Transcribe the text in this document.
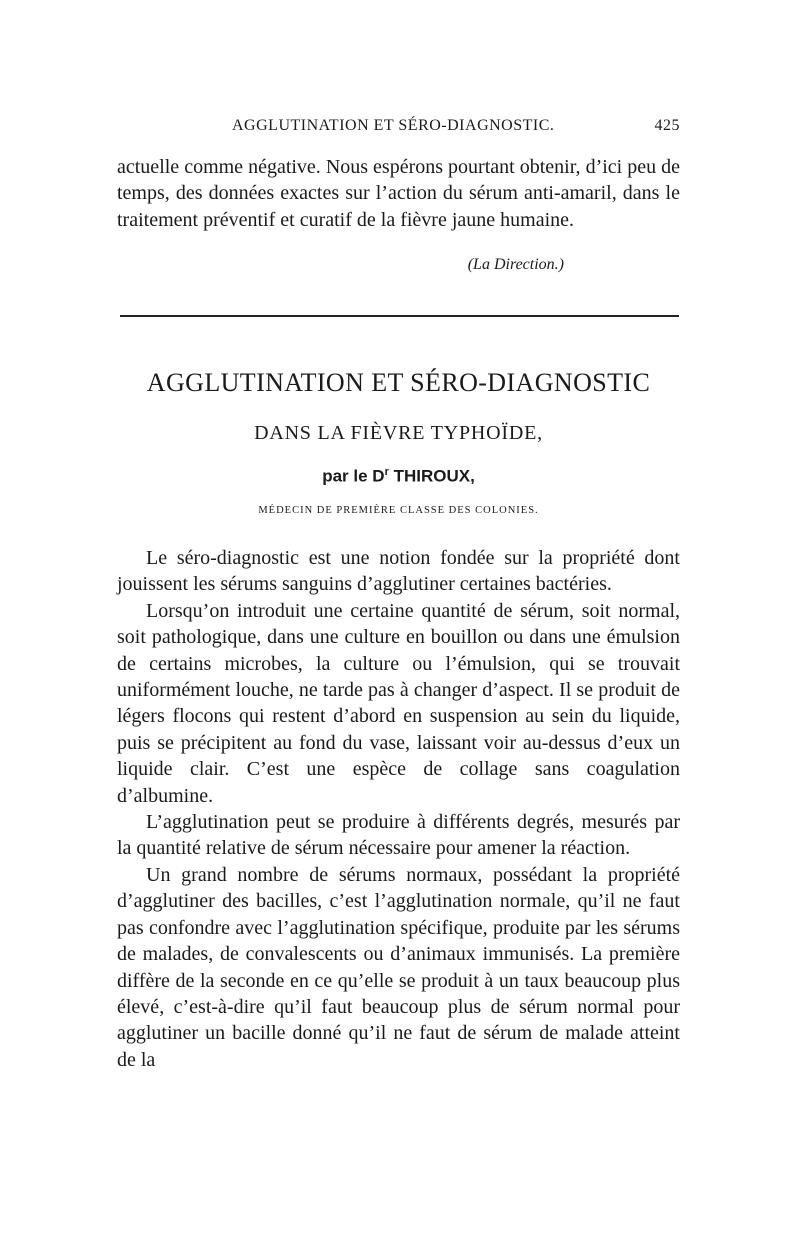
AGGLUTINATION ET SÉRO-DIAGNOSTIC.	425

actuelle comme négative. Nous espérons pourtant obtenir, d’ici peu de temps, des données exactes sur l’action du sérum anti-amaril, dans le traitement préventif et curatif de la fièvre jaune humaine.

(La Direction.)
AGGLUTINATION ET SÉRO-DIAGNOSTIC
DANS LA FIÈVRE TYPHOÏDE,
par le $D^r$ THIROUX,
MÉDECIN DE PREMIÈRE CLASSE DES COLONIES.

Le séro-diagnostic est une notion fondée sur la propriété dont jouissent les sérums sanguins d’agglutiner certaines bactéries.

Lorsqu’on introduit une certaine quantité de sérum, soit normal, soit pathologique, dans une culture en bouillon ou dans une émulsion de certains microbes, la culture ou l’émulsion, qui se trouvait uniformément louche, ne tarde pas à changer d’aspect. Il se produit de légers flocons qui restent d’abord en suspension au sein du liquide, puis se précipitent au fond du vase, laissant voir au-dessus d’eux un liquide clair. C’est une espèce de collage sans coagulation d’albumine.

L’agglutination peut se produire à différents degrés, mesurés par la quantité relative de sérum nécessaire pour amener la réaction.

Un grand nombre de sérums normaux, possédant la propriété d’agglutiner des bacilles, c’est l’agglutination normale, qu’il ne faut pas confondre avec l’agglutination spécifique, produite par les sérums de malades, de convalescents ou d’animaux immunisés. La première diffère de la seconde en ce qu’elle se produit à un taux beaucoup plus élevé, c’est-à-dire qu’il faut beaucoup plus de sérum normal pour agglutiner un bacille donné qu’il ne faut de sérum de malade atteint de la
